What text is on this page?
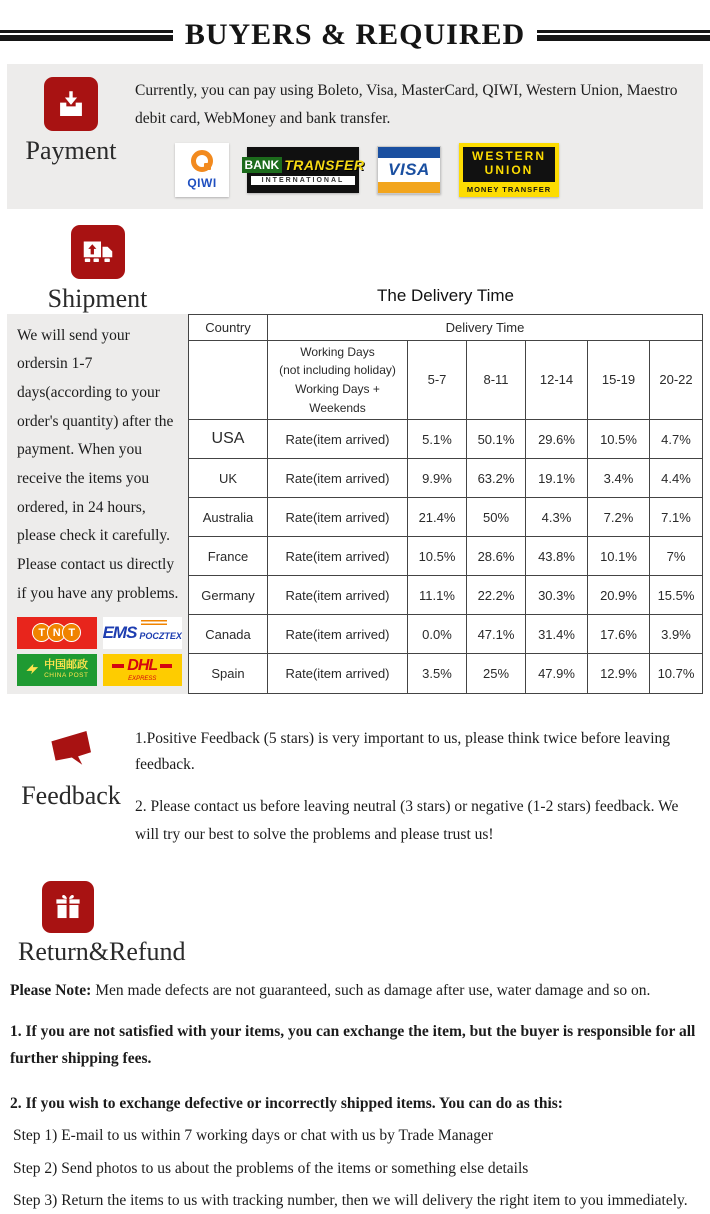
BUYERS & REQUIRED
Payment

Currently, you can pay using Boleto, Visa, MasterCard, QIWI, Western Union, Maestro debit card, WebMoney and bank transfer.

QIWI
BANK TRANSFER
INTERNATIONAL
VISA
WESTERN
UNION
MONEY TRANSFER
Shipment	The Delivery Time

We will send your ordersin 1-7 days(according to your order's quantity) after the payment. When you receive the items you ordered, in 24 hours, please check it carefully. Please contact us directly if you have any problems.

T N T	EMS POCZTEX
中国邮政
CHINA POST
DHL
EXPRESS
Country	Delivery Time					

	Working Days
(not including holiday)
Working Days + Weekends	5-7	8-11	12-14	15-19	20-22
USA	Rate(item arrived)	5.1%	50.1%	29.6%	10.5%	4.7%
UK	Rate(item arrived)	9.9%	63.2%	19.1%	3.4%	4.4%
Australia	Rate(item arrived)	21.4%	50%	4.3%	7.2%	7.1%
France	Rate(item arrived)	10.5%	28.6%	43.8%	10.1%	7%
Germany	Rate(item arrived)	11.1%	22.2%	30.3%	20.9%	15.5%
Canada	Rate(item arrived)	0.0%	47.1%	31.4%	17.6%	3.9%
Spain	Rate(item arrived)	3.5%	25%	47.9%	12.9%	10.7%
Feedback

1.Positive Feedback (5 stars) is very important to us, please think twice before leaving feedback.

2. Please contact us before leaving neutral (3 stars) or negative (1-2 stars) feedback. We will try our best to solve the problems and please trust us!

Return&Refund

Please Note: Men made defects are not guaranteed, such as damage after use, water damage and so on.

1. If you are not satisfied with your items, you can exchange the item, but the buyer is responsible for all further shipping fees.

2. If you wish to exchange defective or incorrectly shipped items. You can do as this:

Step 1) E-mail to us within 7 working days or chat with us by Trade Manager

Step 2) Send photos to us about the problems of the items or something else details

Step 3) Return the items to us with tracking number, then we will delivery the right item to you immediately.
